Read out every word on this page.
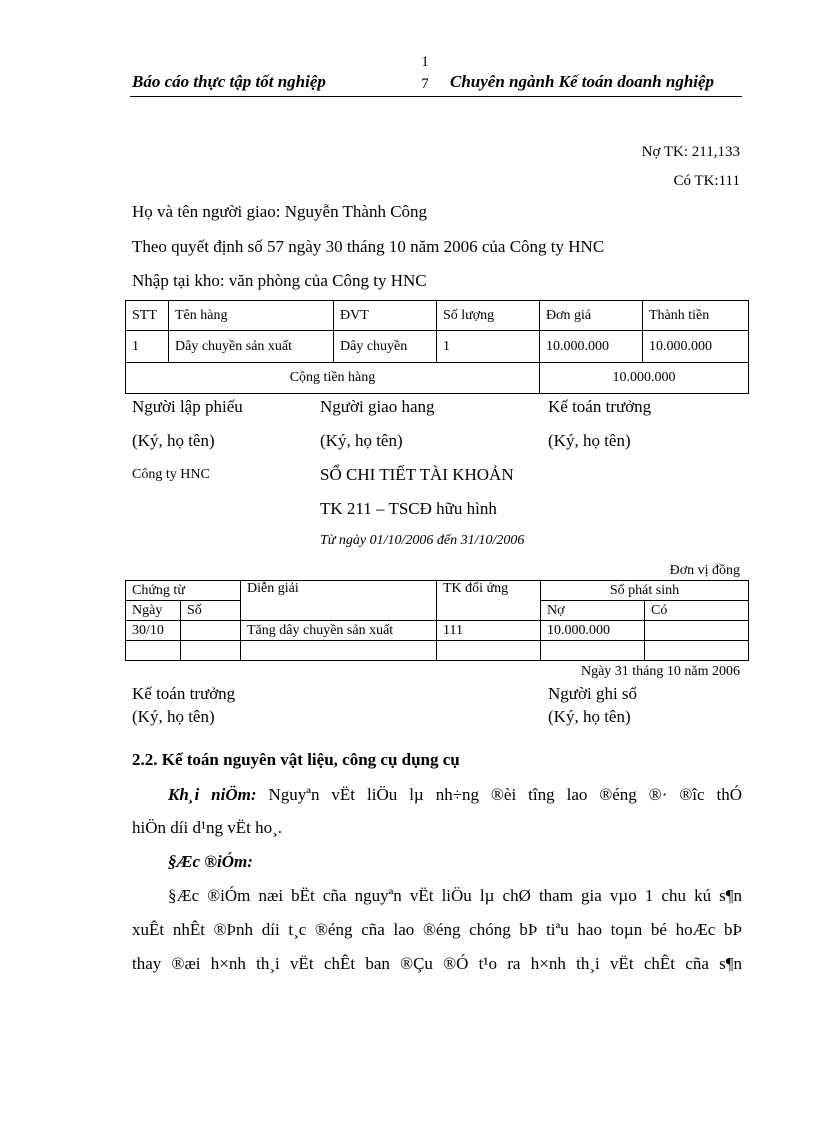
Báo cáo thực tập tốt nghiệp
1
7 Chuyên ngành Kế toán doanh nghiệp
Nợ TK: 211,133
Có TK:111
Họ và tên người giao: Nguyễn Thành Công
Theo quyết định số 57 ngày 30 tháng 10 năm 2006 của Công ty HNC
Nhập tại kho: văn phòng của Công ty HNC
STT	Tên hàng	ĐVT	Số lượng	Đơn giá	Thành tiền
1	Dây chuyền sản xuất	Dây chuyền	1	10.000.000	10.000.000
Cộng tiền hàng				10.000.000	
Người lập phiếu	Người giao hang	Kế toán trưởng
(Ký, họ tên)	(Ký, họ tên)	(Ký, họ tên)
Công ty HNC	SỔ CHI TIẾT TÀI KHOẢN
TK 211 – TSCĐ hữu hình
Từ ngày 01/10/2006 đến 31/10/2006
Đơn vị đồng
Chứng từ		Diễn giải	TK đối ứng	Số phát sinh	
Ngày	Số			Nợ	Có
30/10		Tăng dây chuyền sản xuất	111	10.000.000	

Ngày 31 tháng 10 năm 2006
Kế toán trưởng	Người ghi sổ
(Ký, họ tên)	(Ký, họ tên)
2.2. Kế toán nguyên vật liệu, công cụ dụng cụ
Kh¸i niÖm: Nguyªn vËt liÖu lµ nh÷ng ®èi tîng lao ®éng ®· ®îc thÓ
hiÖn díi d¹ng vËt ho¸.
§Æc ®iÓm:
§Æc ®iÓm næi bËt cña nguyªn vËt liÖu lµ chØ tham gia vµo 1 chu kú s¶n
xuÊt nhÊt ®Þnh díi t¸c ®éng cña lao ®éng chóng bÞ tiªu hao toµn bé hoÆc bÞ
thay ®æi h×nh th¸i vËt chÊt ban ®Çu ®Ó t¹o ra h×nh th¸i vËt chÊt cña s¶n
